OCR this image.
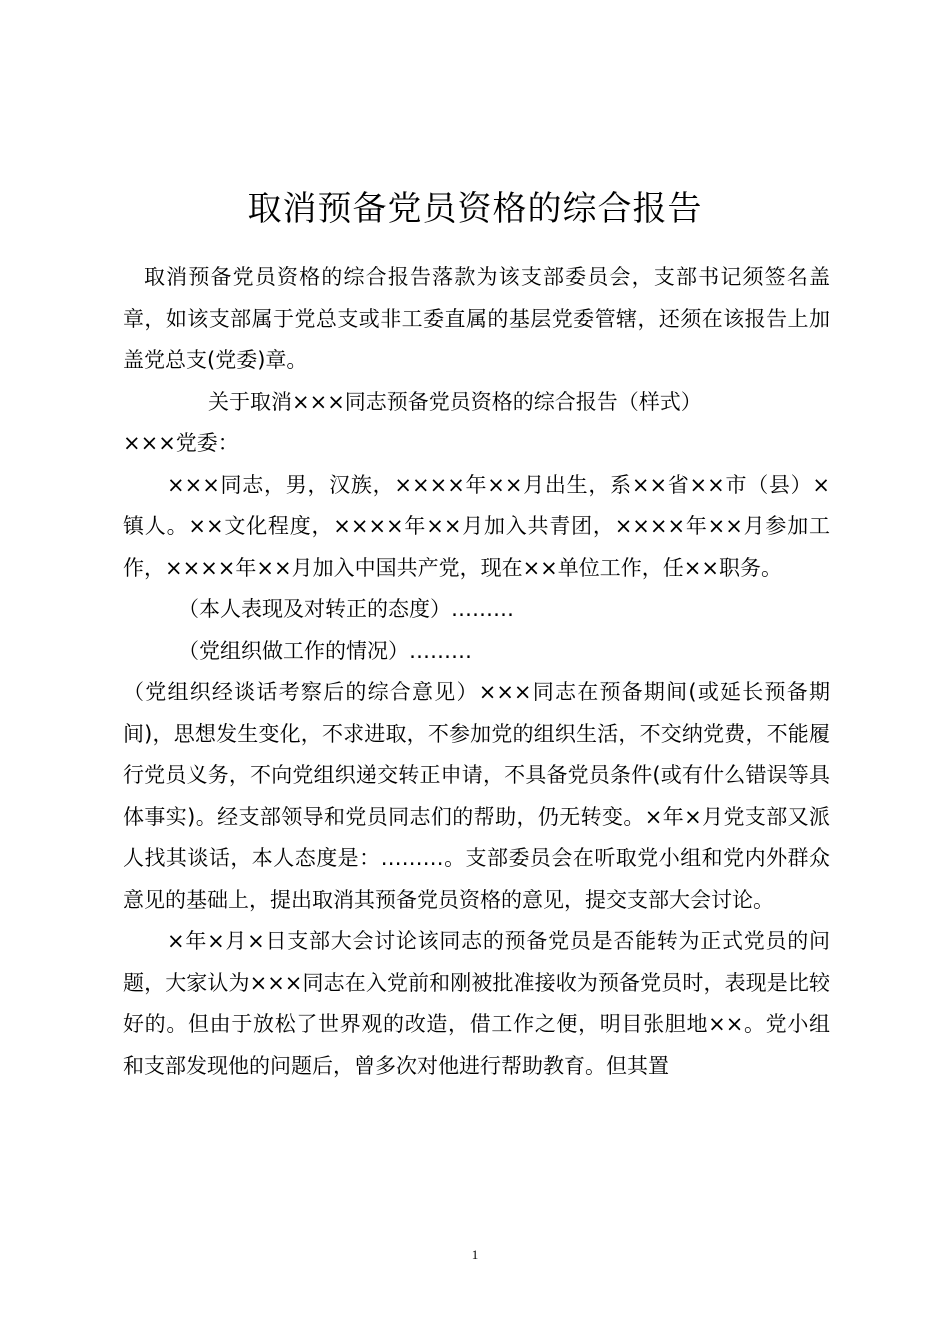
取消预备党员资格的综合报告

取消预备党员资格的综合报告落款为该支部委员会，支部书记须签名盖章，如该支部属于党总支或非工委直属的基层党委管辖，还须在该报告上加盖党总支(党委)章。

关于取消×××同志预备党员资格的综合报告（样式）

×××党委：

×××同志，男，汉族，××××年××月出生，系××省××市（县）×镇人。××文化程度，××××年××月加入共青团，××××年××月参加工作，××××年××月加入中国共产党，现在××单位工作，任××职务。

（本人表现及对转正的态度）………

（党组织做工作的情况）………

（党组织经谈话考察后的综合意见）×××同志在预备期间(或延长预备期间)，思想发生变化，不求进取，不参加党的组织生活，不交纳党费，不能履行党员义务，不向党组织递交转正申请，不具备党员条件(或有什么错误等具体事实)。经支部领导和党员同志们的帮助，仍无转变。×年×月党支部又派人找其谈话，本人态度是：………。支部委员会在听取党小组和党内外群众意见的基础上，提出取消其预备党员资格的意见，提交支部大会讨论。

×年×月×日支部大会讨论该同志的预备党员是否能转为正式党员的问题，大家认为×××同志在入党前和刚被批准接收为预备党员时，表现是比较好的。但由于放松了世界观的改造，借工作之便，明目张胆地××。党小组和支部发现他的问题后，曾多次对他进行帮助教育。但其置

1
